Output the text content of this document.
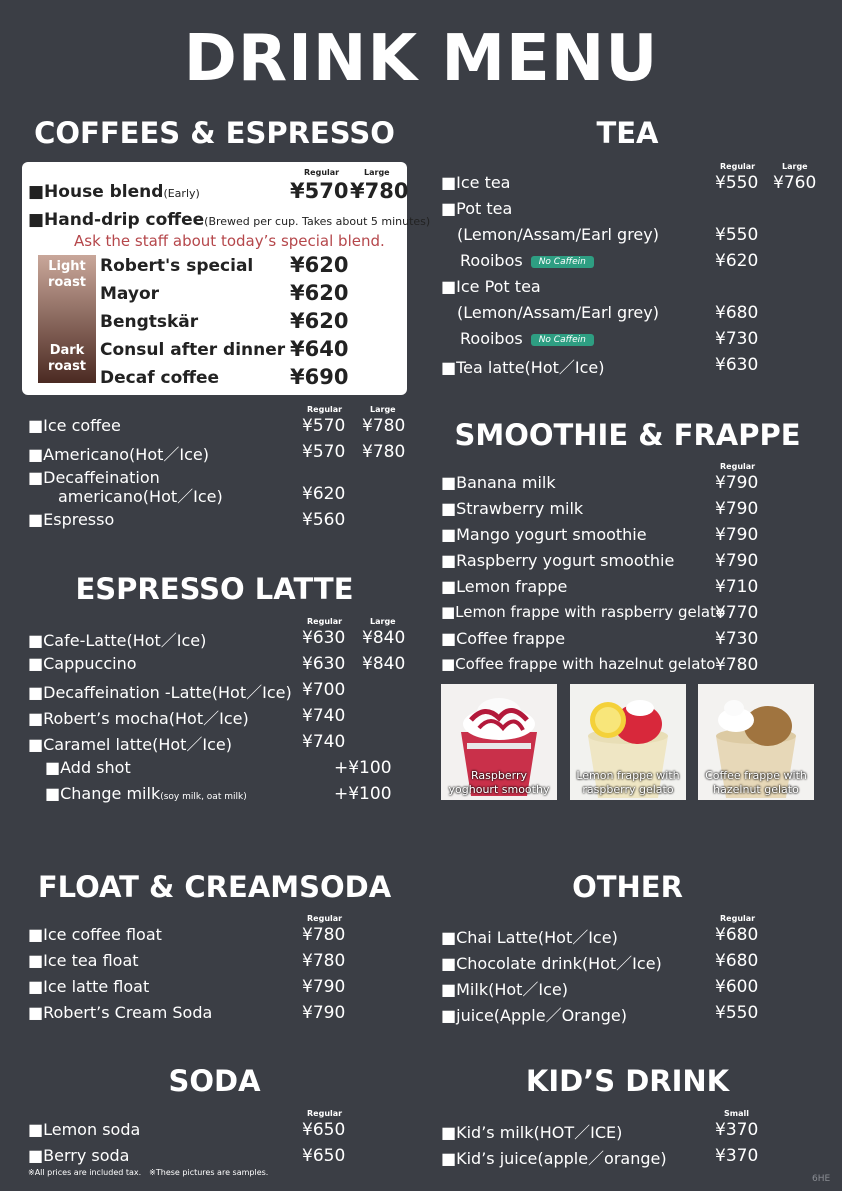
DRINK MENU
COFFEES & ESPRESSO
Regular	Large
■House blend(Early)	¥570 ¥780
■Hand-drip coffee(Brewed per cup. Takes about 5 minutes)
Ask the staff about today’s special blend.
Light roast
Dark roast
Robert's special ¥620
Mayor	¥620
Bengtskär	¥620
Consul after dinner ¥640
Decaf coffee	¥690
Regular	Large
■Ice coffee	¥570 ¥780
■Americano(Hot／Ice)	¥570 ¥780
■Decaffeination
americano(Hot／Ice)	¥620
■Espresso	¥560
ESPRESSO LATTE
Regular	Large
■Cafe-Latte(Hot／Ice)	¥630 ¥840
■Cappuccino	¥630 ¥840
■Decaffeination -Latte(Hot／Ice) ¥700
■Robert’s mocha(Hot／Ice)	¥740
■Caramel latte(Hot／Ice)	¥740
■Add shot	+¥100
■Change milk(soy milk, oat milk)	+¥100
FLOAT & CREAMSODA
Regular
■Ice coffee float	¥780
■Ice tea float	¥780
■Ice latte float	¥790
■Robert’s Cream Soda	¥790
SODA
Regular
■Lemon soda	¥650
■Berry soda	¥650
※All prices are included tax.　※These pictures are samples.
TEA
Regular	Large
■Ice tea	¥550 ¥760
■Pot tea
(Lemon/Assam/Earl grey)	¥550
Rooibos No Caffein	¥620
■Ice Pot tea
(Lemon/Assam/Earl grey)	¥680
Rooibos No Caffein	¥730
■Tea latte(Hot／Ice)	¥630
SMOOTHIE & FRAPPE
Regular
■Banana milk	¥790
■Strawberry milk	¥790
■Mango yogurt smoothie	¥790
■Raspberry yogurt smoothie ¥790
■Lemon frappe	¥710
■Lemon frappe with raspberry gelato
¥770
■Coffee frappe	¥730
■Coffee frappe with hazelnut gelato ¥780
Raspberry
yoghourt smoothy
Lemon frappe with
raspberry gelato
Coffee frappe with
hazelnut gelato
OTHER
Regular
■Chai Latte(Hot／Ice)	¥680
■Chocolate drink(Hot／Ice)	¥680
■Milk(Hot／Ice)	¥600
■juice(Apple／Orange)	¥550
KID’S DRINK
Small
■Kid’s milk(HOT／ICE)	¥370
■Kid’s juice(apple／orange)	¥370
6HE
